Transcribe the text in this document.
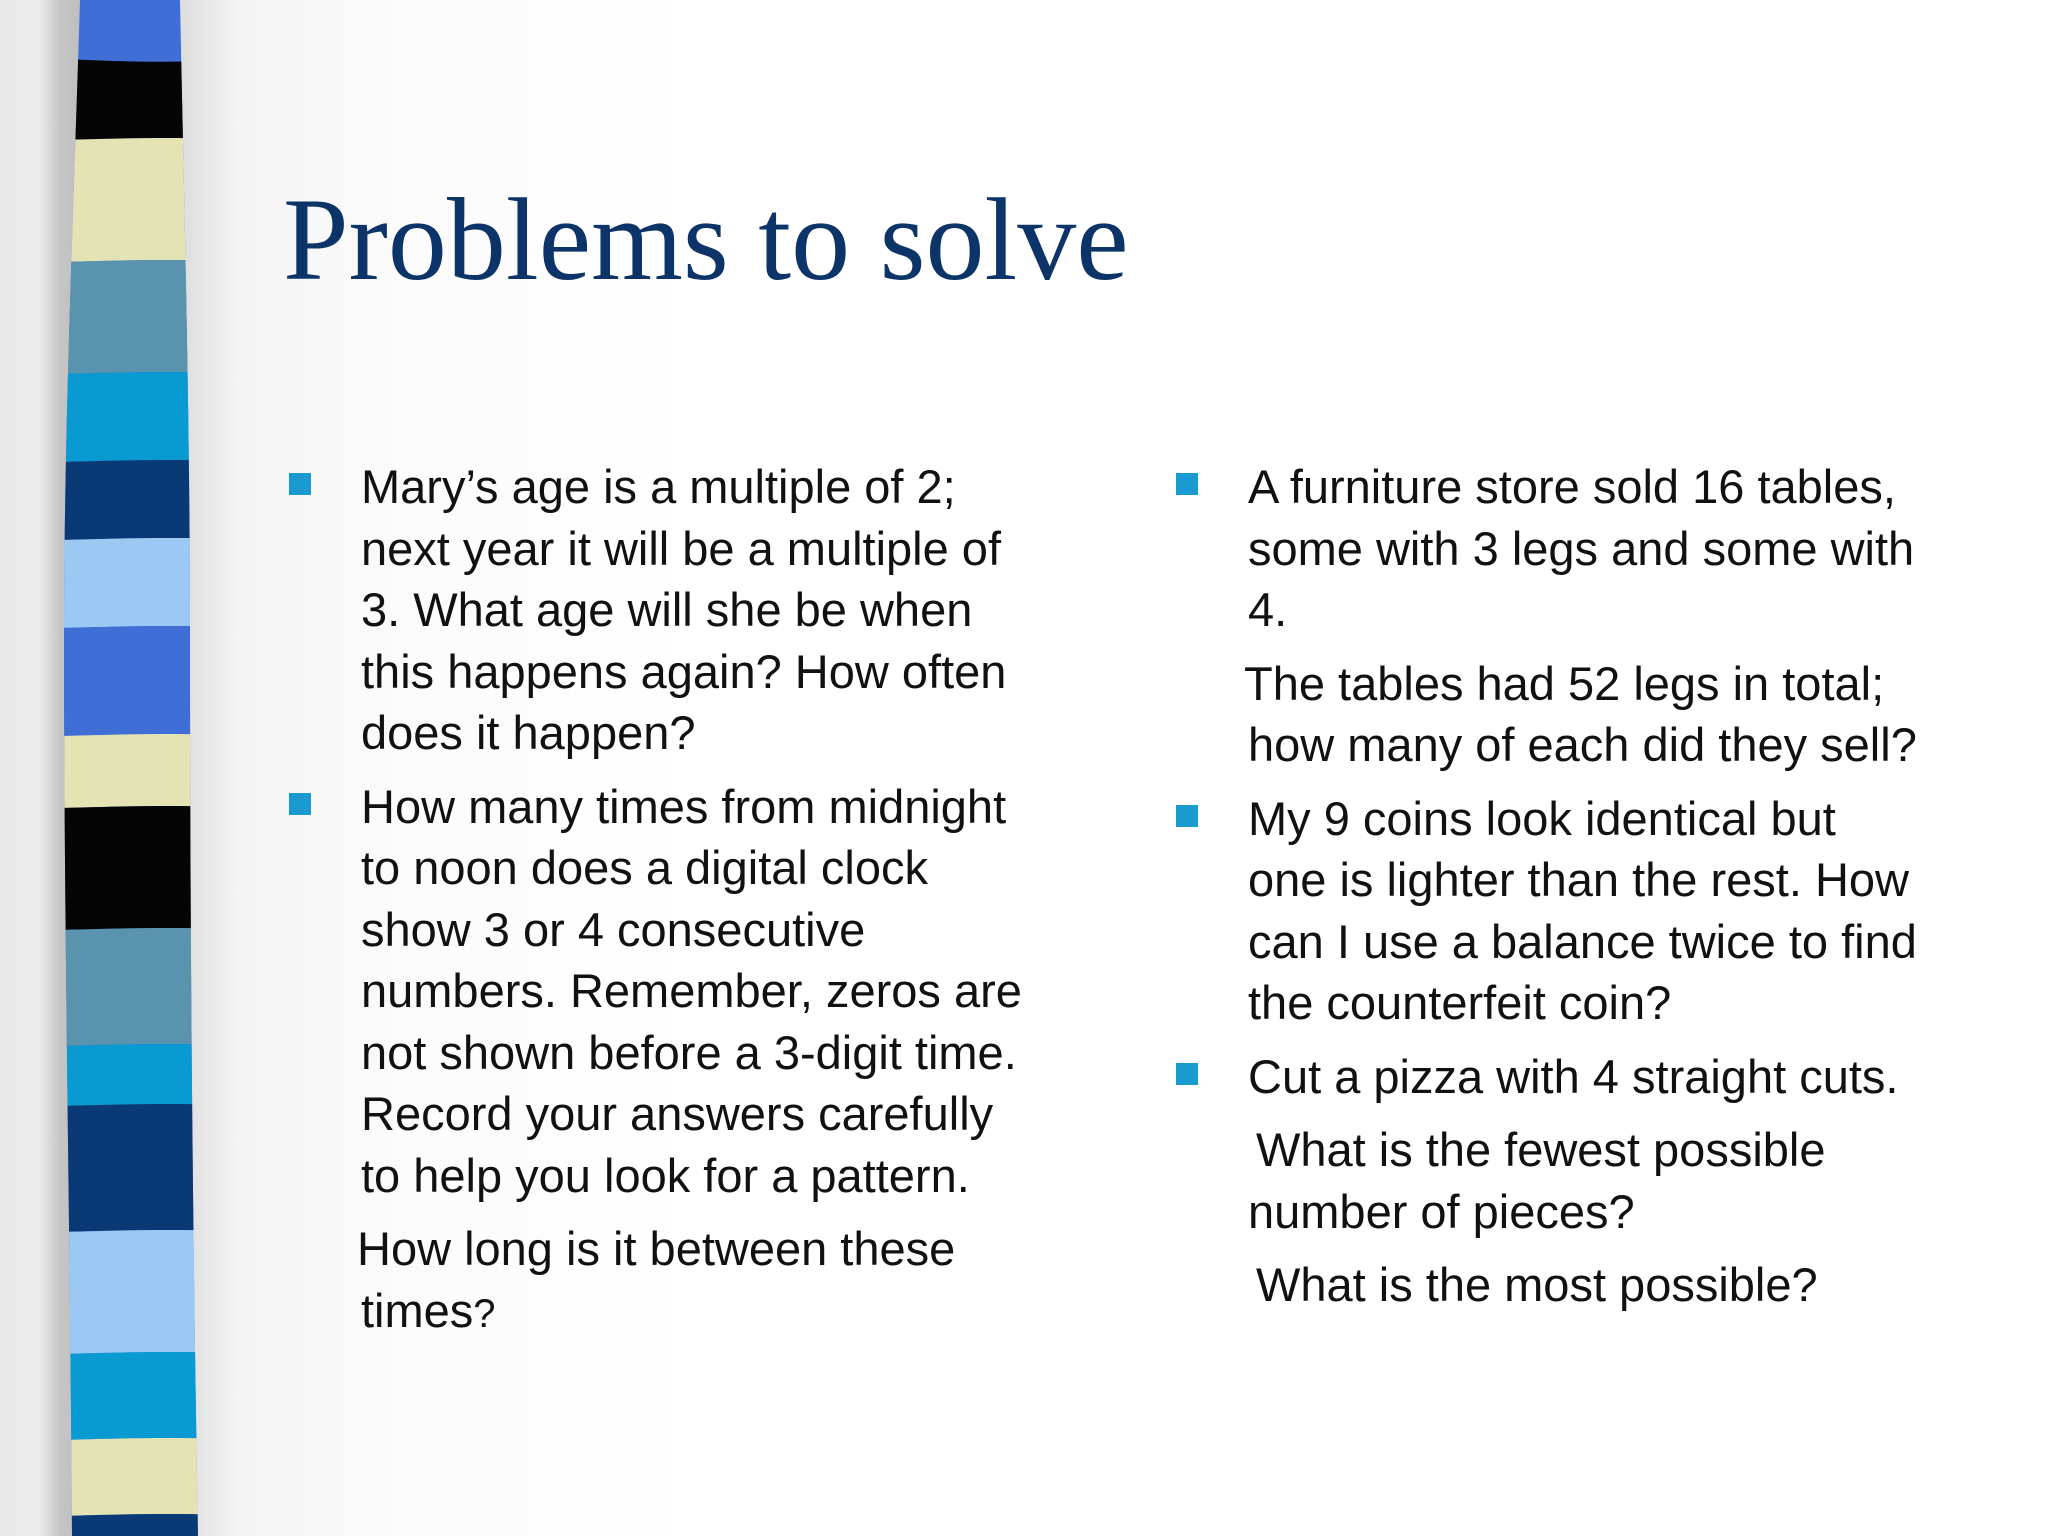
Problems to solve
Mary’s age is a multiple of 2;
next year it will be a multiple of
3. What age will she be when
this happens again? How often
does it happen?
How many times from midnight
to noon does a digital clock
show 3 or 4 consecutive
numbers. Remember, zeros are
not shown before a 3-digit time.
Record your answers carefully
to help you look for a pattern.
How long is it between these
times?
A furniture store sold 16 tables,
some with 3 legs and some with
4.
The tables had 52 legs in total;
how many of each did they sell?
My 9 coins look identical but
one is lighter than the rest. How
can I use a balance twice to find
the counterfeit coin?
Cut a pizza with 4 straight cuts.
What is the fewest possible
number of pieces?
What is the most possible?
